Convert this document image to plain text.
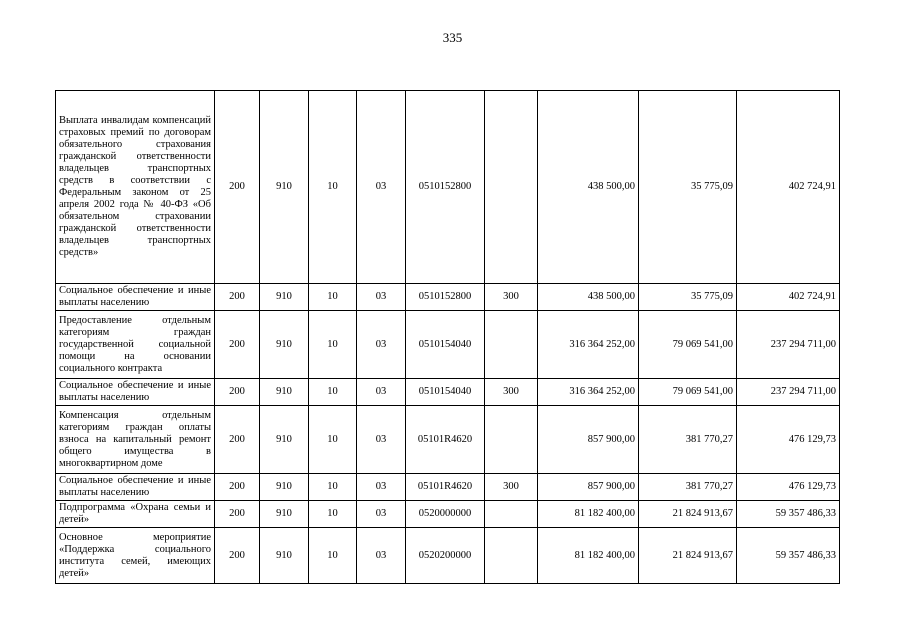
335
Выплата инвалидам компенсаций страховых премий по договорам обязательного страхования гражданской ответственности владельцев транспортных средств в соответствии с Федеральным законом от 25 апреля 2002 года № 40-ФЗ «Об обязательном страховании гражданской ответственности владельцев транспортных средств»	200	910	10	03	0510152800		438 500,00	35 775,09	402 724,91
Социальное обеспечение и иные выплаты населению	200	910	10	03	0510152800	300	438 500,00	35 775,09	402 724,91
Предоставление отдельным категориям граждан государственной социальной помощи на основании социального контракта	200	910	10	03	0510154040		316 364 252,00	79 069 541,00	237 294 711,00
Социальное обеспечение и иные выплаты населению	200	910	10	03	0510154040	300	316 364 252,00	79 069 541,00	237 294 711,00
Компенсация отдельным категориям граждан оплаты взноса на капитальный ремонт общего имущества в многоквартирном доме	200	910	10	03	05101R4620		857 900,00	381 770,27	476 129,73
Социальное обеспечение и иные выплаты населению	200	910	10	03	05101R4620	300	857 900,00	381 770,27	476 129,73
Подпрограмма «Охрана семьи и детей»	200	910	10	03	0520000000		81 182 400,00	21 824 913,67	59 357 486,33
Основное мероприятие «Поддержка социального института семей, имеющих детей»	200	910	10	03	0520200000		81 182 400,00	21 824 913,67	59 357 486,33
